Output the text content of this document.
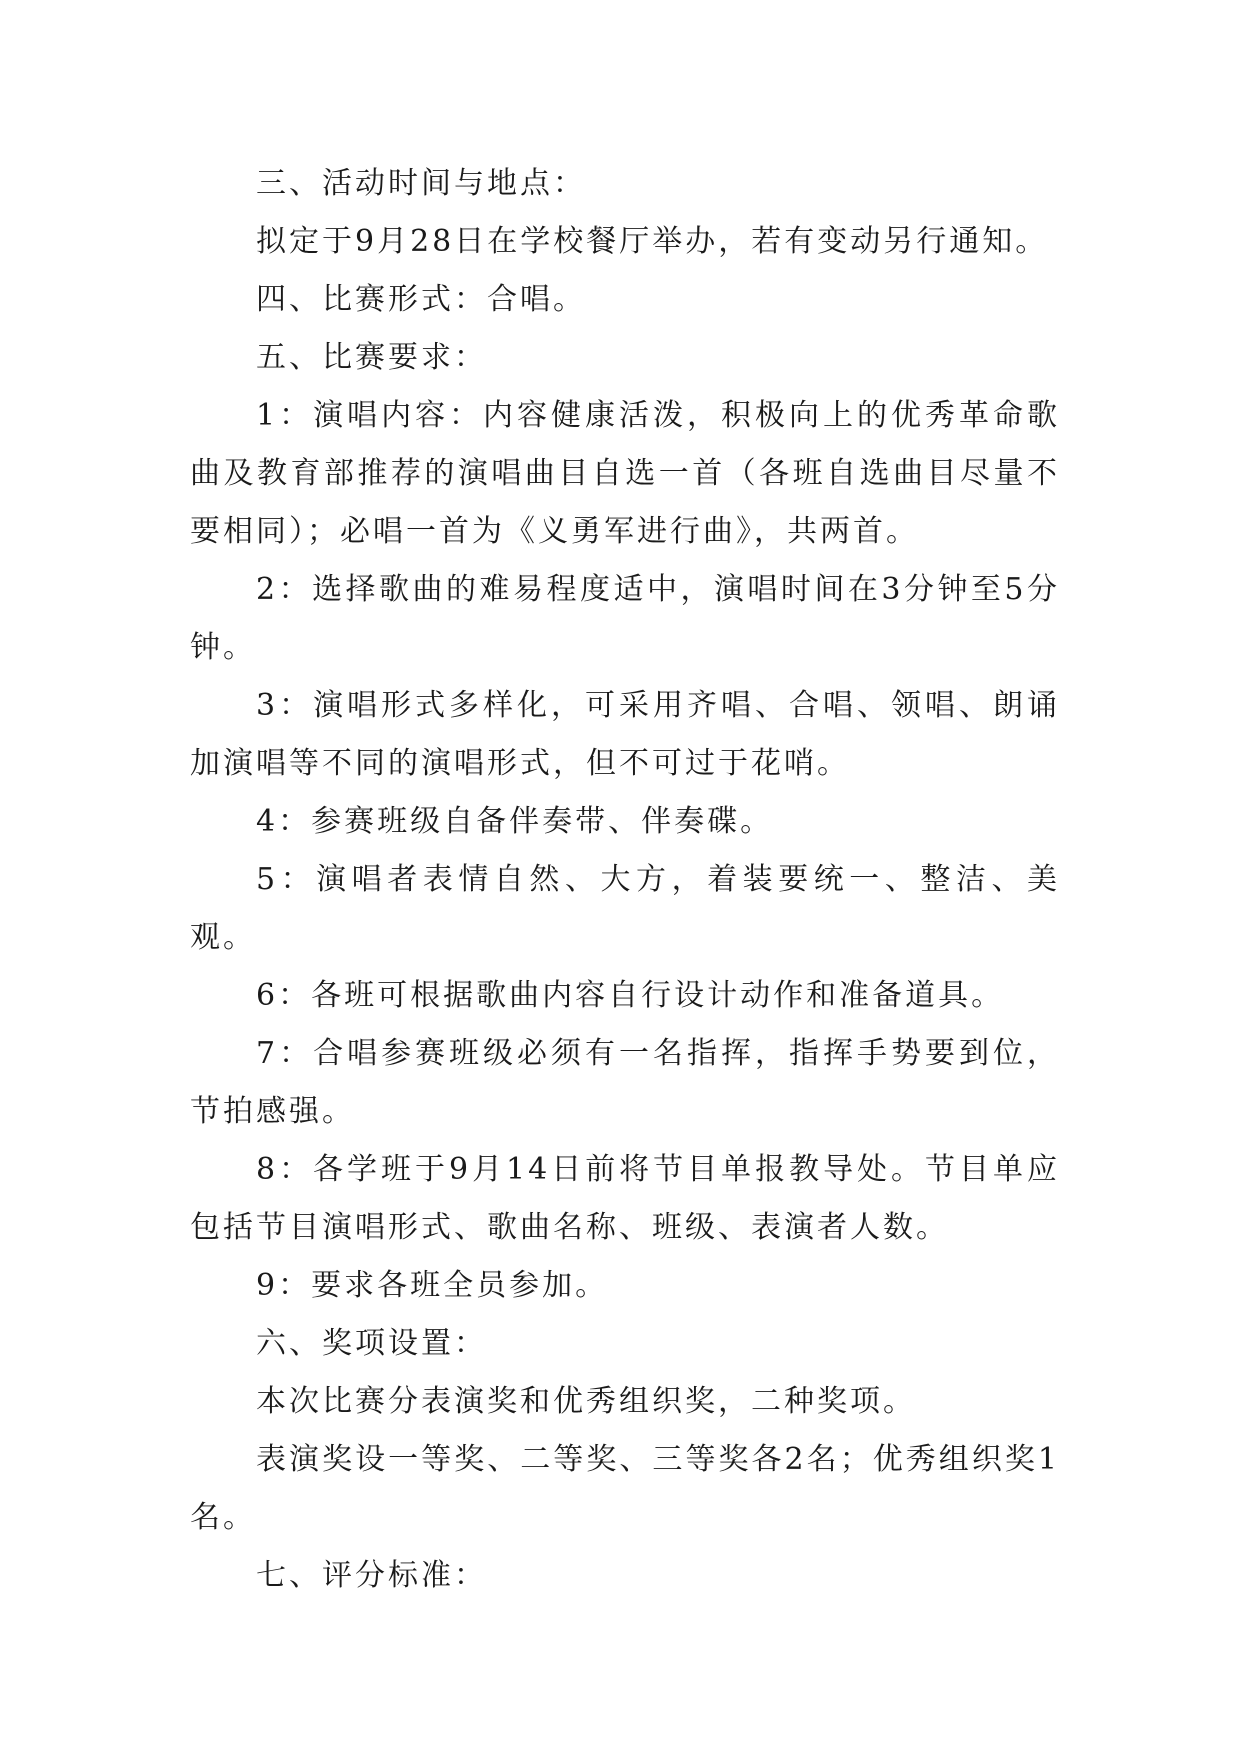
三、活动时间与地点：

拟定于9月28日在学校餐厅举办，若有变动另行通知。

四、比赛形式：合唱。

五、比赛要求：

1：演唱内容：内容健康活泼，积极向上的优秀革命歌曲及教育部推荐的演唱曲目自选一首（各班自选曲目尽量不要相同）；必唱一首为《义勇军进行曲》，共两首。

2：选择歌曲的难易程度适中，演唱时间在3分钟至5分钟。

3：演唱形式多样化，可采用齐唱、合唱、领唱、朗诵加演唱等不同的演唱形式，但不可过于花哨。

4：参赛班级自备伴奏带、伴奏碟。

5：演唱者表情自然、大方，着装要统一、整洁、美观。

6：各班可根据歌曲内容自行设计动作和准备道具。

7：合唱参赛班级必须有一名指挥，指挥手势要到位，节拍感强。

8：各学班于9月14日前将节目单报教导处。节目单应包括节目演唱形式、歌曲名称、班级、表演者人数。

9：要求各班全员参加。

六、奖项设置：

本次比赛分表演奖和优秀组织奖，二种奖项。

表演奖设一等奖、二等奖、三等奖各2名；优秀组织奖1名。

七、评分标准：
